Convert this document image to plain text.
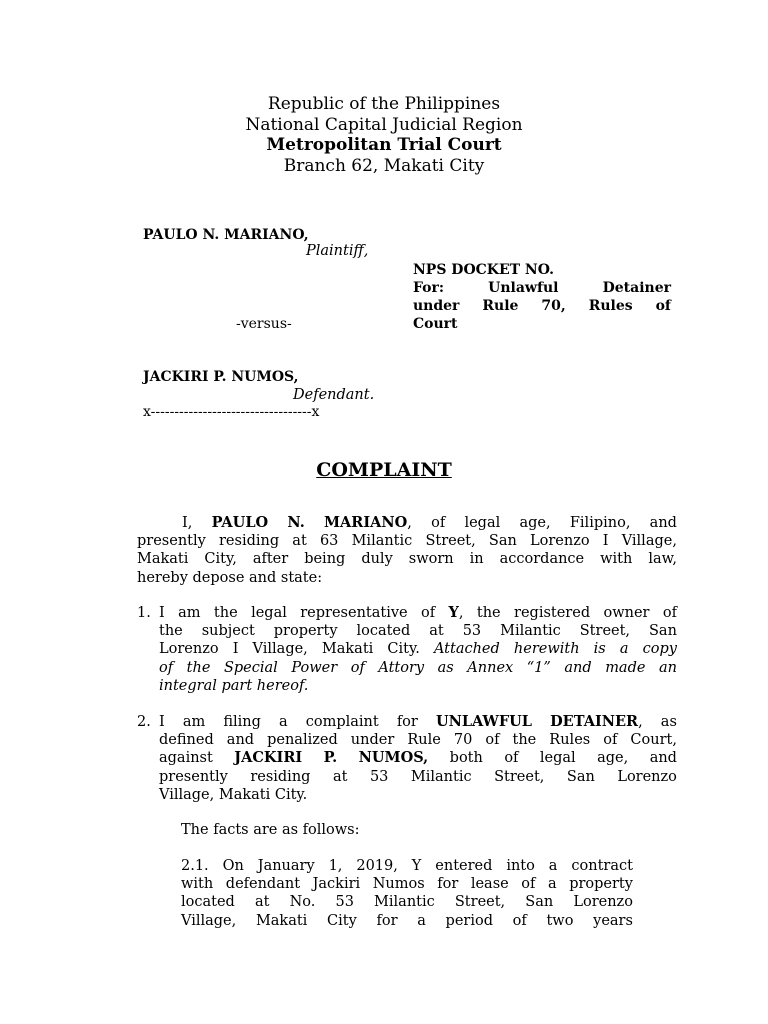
Republic of the Philippines
National Capital Judicial Region
Metropolitan Trial Court
Branch 62, Makati City
PAULO N. MARIANO,
Plaintiff,
-versus-
JACKIRI P. NUMOS,
Defendant.
x----------------------------------x
NPS DOCKET NO.
For:	Unlawful	Detainer
under Rule 70, Rules of
Court
COMPLAINT
I, PAULO N. MARIANO, of legal age, Filipino, and
presently residing at 63 Milantic Street, San Lorenzo I Village,
Makati City, after being duly sworn in accordance with law,
hereby depose and state:
1. I am the legal representative of Y, the registered owner of
the subject property located at 53 Milantic Street, San
Lorenzo I Village, Makati City. Attached herewith is a copy
of the Special Power of Attory as Annex “1” and made an
integral part hereof.
2. I am filing a complaint for UNLAWFUL DETAINER, as
defined and penalized under Rule 70 of the Rules of Court,
against JACKIRI P. NUMOS, both of legal age, and
presently residing at 53 Milantic Street, San Lorenzo
Village, Makati City.
The facts are as follows:
2.1. On January 1, 2019, Y entered into a contract
with defendant Jackiri Numos for lease of a property
located at No. 53 Milantic Street, San Lorenzo
Village, Makati City for a period of two years
